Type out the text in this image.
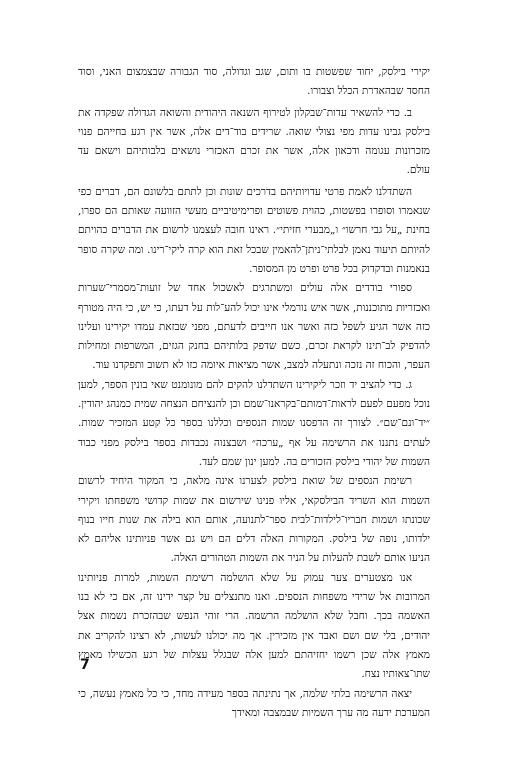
יקירי בילסק, יחוד שפשטות בו ותום, שגב וגדולה, סוד הגבורה שבצמצום האני, וסוד החסד שבהאדרת הכלל וצבורו.

ב. כדי להשאיר עדות־שבקלון לטירוף השנאה היהודית והשואה הגדולה שפקדה את בילסק גבינו עדות מפי נצולי שואה. שרידים בוד־דים אלה, אשר אין רגע בחייהם פנוי מזכרונות עגומה ודכאון אלה, אשר את זכרם האכזרי נושאים בלבותיהם וישאם עד עולם.

השתדלנו לאמת פרטי עדויותיהם בדרכים שונות וכן לתתם בלשונם הם, דברים כפי שנאמרו וסופרו בפשטות, כהוית פשוטים ופרימיטיביים מעשי הזוועה שאותם הם ספרו, בחינת „על גבי חרשו״ ו„מבערי חזיתי״. ראינו חובה לעצמנו לרשום את הדברים כהויתם להיותם תיעוד נאמן לבלתי־ניתן־להאמין שבכל זאת הוא קרה ליקי־רינו. ומה שקרה סופר בנאמנות ובדקדוק בכל פרט ופרט מן המסופר.

ספורי בודדים אלה עולים ומשתרגים לאשכול אחד של זועות־מסמרי־שערות ואכזריות מתוכננות, אשר איש נורמלי אינו יכול להע־לות על דעתו, כי יש, כי היה מטורף כזה אשר הגיע לשפל כזה ואשר אנו חייבים לדעתם, מפני שבזאת עמדו יקירינו ועלינו להדפיק לב־תינו לקראת זכרם, כשם שדפק בלותיהם בחנק הגזים, המשרפות ומחילות העפר, והכוח זה נזכה ונתעלה למצב, אשר מציאות איומה כזו לא תשוב ותפקדנו עוד.

ג. כדי להציב יד וזכר ליקירינו השתדלנו להקים להם מונומנט שאי בונין הספר, למען נוכל מפעם לפעם לראות־דמותם־בקראנו־שמם וכן להנציחם הנצחה שמית כמנהג יהודין. ״יד־ונם־שם״. לצורך זה הדפסנו שמות הנספים וכללנו בספר כל קטע המזכיר שמות. לעתים נתננו את הרשימה על אף „ערכה״ ושבצנוה נכבדות בספר בילסק מפני כבוד השמות של יהודי בילסק הזכורים בה. למען ינון שמם לעד.

רשימת הנספים של שואת בילסק לצערנו אינה מלאה, כי המקור היחיד לרשום השמות הוא השריד הבילסקאי, אליו פנינו שירשום את שמות קדושי משפחתו ויקירי שכונתו ושמות חבריו־לילדות־לבית ספר־לתנועה, אותם הוא בילה את שנות חייו בנוף ילדותו, נופה של בילסק. המקורות האלה דלים הם ויש גם אשר פניותינו אליהם לא הניעו אותם לשבת להעלות על הניר את השמות הטהורים האלה.

אנו מצטערים צער עמוק על שלא הושלמה רשימת השמות, למרות פניותינו המרובות אל שרידי משפחות הנספים. ואנו מתנצלים על קצר ידינו זה, אם כי לא בנו האשמה בכך. וחבל שלא הושלמה הרשמה. הרי זוהי הנפש שבהזכרת נשמות אצל יהודים, בלי שם ושם ואבד אין מזכירין. אך מה יכולנו לעשות, לא רצינו להקריב את מאמץ אלה שכן רשמו יחזיהתם למען אלה שבגלל עצלות של רגע הכשילו מאמץ שתו־צאותיו נצח.

יצאה הרשימה בלתי שלמה, אך נתינתה בספר מעידה מחד, כי כל מאמץ נעשה, כי המערכת ידעה מה ערך השמיות שבמצבה ומאידך

7
